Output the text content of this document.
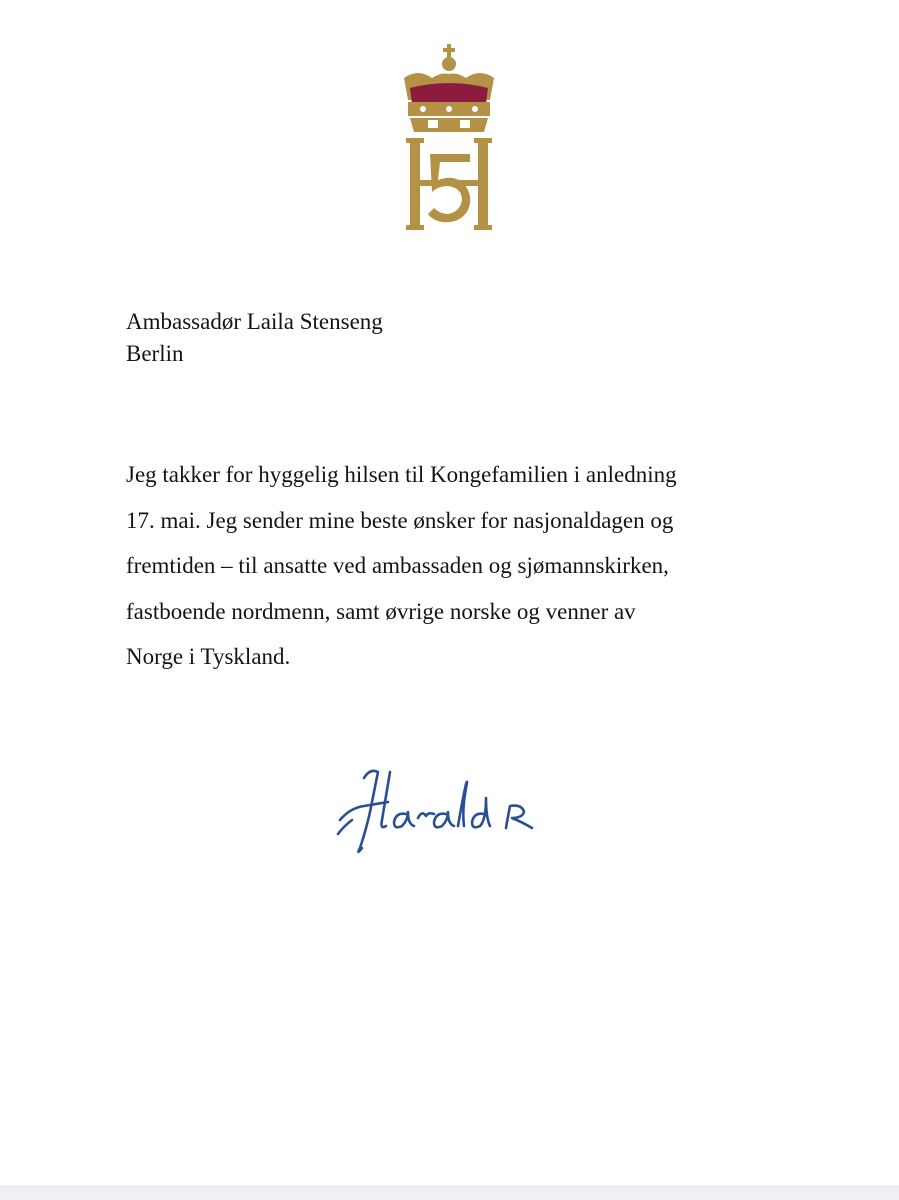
Ambassadør Laila Stenseng
Berlin
Jeg takker for hyggelig hilsen til Kongefamilien i anledning
17. mai. Jeg sender mine beste ønsker for nasjonaldagen og
fremtiden – til ansatte ved ambassaden og sjømannskirken,
fastboende nordmenn, samt øvrige norske og venner av
Norge i Tyskland.
